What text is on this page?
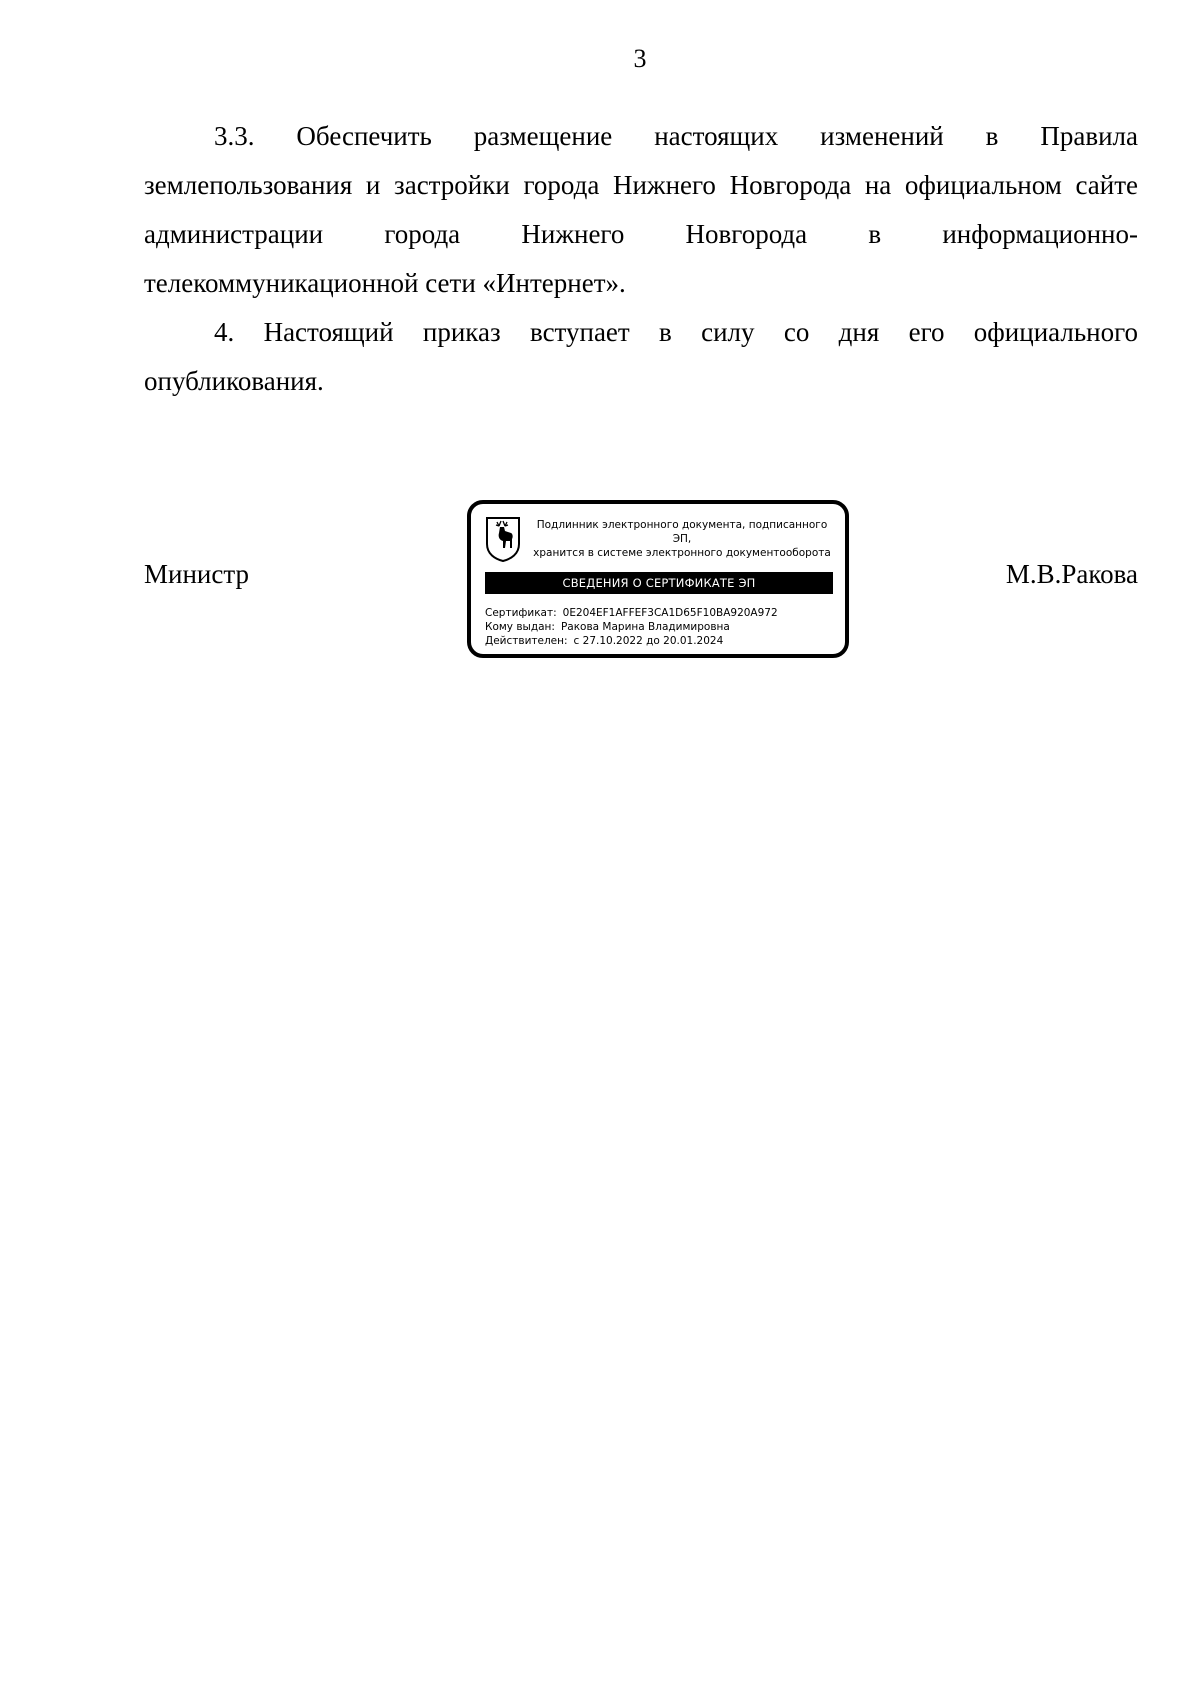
3

3.3. Обеспечить размещение настоящих изменений в Правила
землепользования и застройки города Нижнего Новгорода на официальном сайте
администрации города Нижнего Новгорода в информационно-
телекоммуникационной сети «Интернет».

4. Настоящий приказ вступает в силу со дня его официального
опубликования.

Министр	М.В.Ракова
Подлинник электронного документа, подписанного ЭП,
хранится в системе электронного документооборота
СВЕДЕНИЯ О СЕРТИФИКАТЕ ЭП
Сертификат: 0E204EF1AFFEF3CA1D65F10BA920A972
Кому выдан: Ракова Марина Владимировна
Действителен: с 27.10.2022 до 20.01.2024
